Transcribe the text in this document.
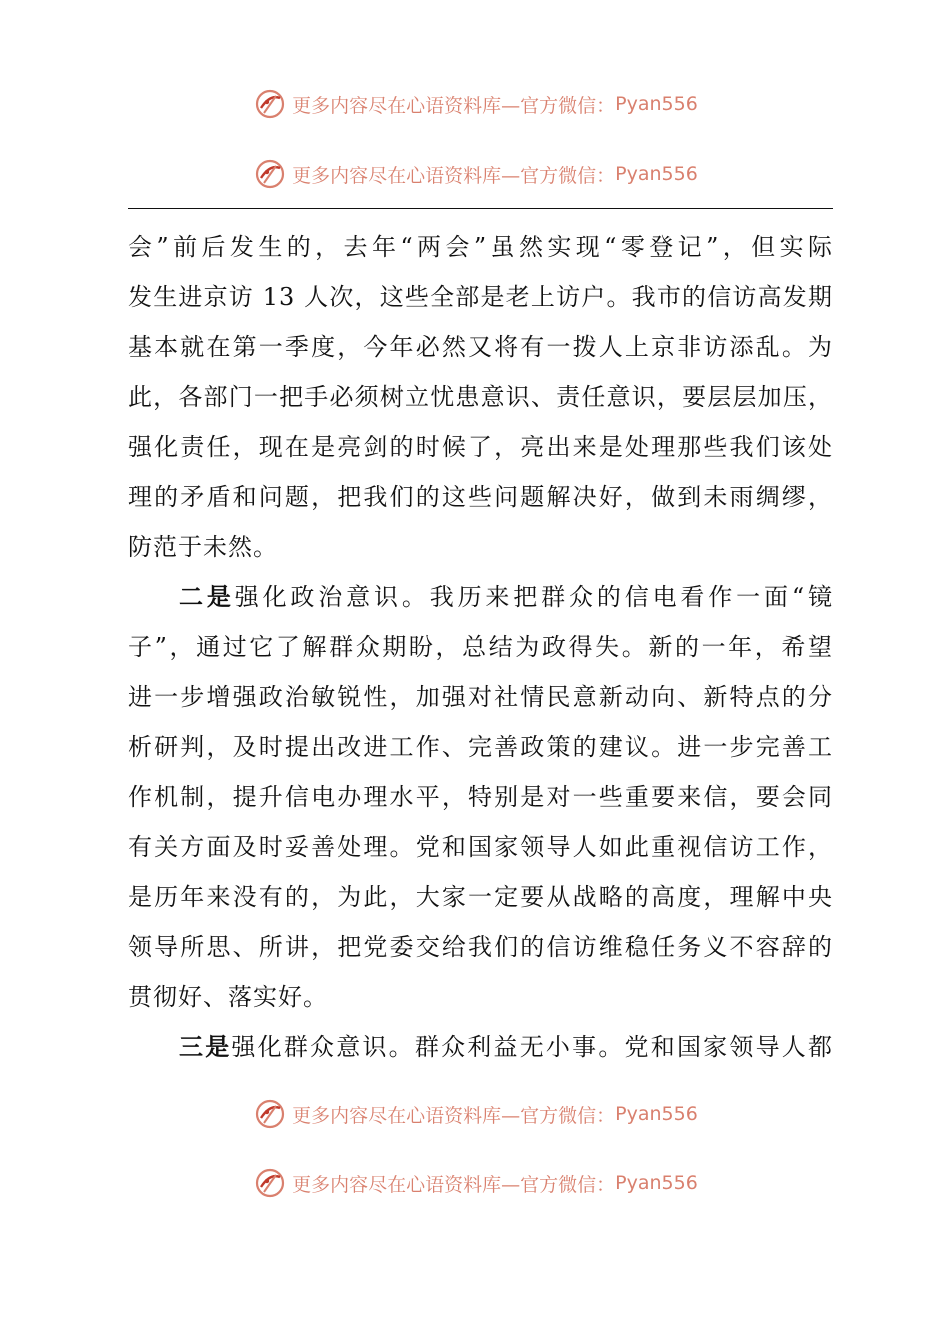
更多内容尽在心语资料库—官方微信： Pyan556
更多内容尽在心语资料库—官方微信： Pyan556
会”前后发生的，去年“两会”虽然实现“零登记”，但实际
发生进京访 13 人次，这些全部是老上访户。我市的信访高发期
基本就在第一季度，今年必然又将有一拨人上京非访添乱。为
此，各部门一把手必须树立忧患意识、责任意识，要层层加压，
强化责任，现在是亮剑的时候了，亮出来是处理那些我们该处
理的矛盾和问题，把我们的这些问题解决好，做到未雨绸缪，
防范于未然。
二是强化政治意识。我历来把群众的信电看作一面“镜
子”，通过它了解群众期盼，总结为政得失。新的一年，希望
进一步增强政治敏锐性，加强对社情民意新动向、新特点的分
析研判，及时提出改进工作、完善政策的建议。进一步完善工
作机制，提升信电办理水平，特别是对一些重要来信，要会同
有关方面及时妥善处理。党和国家领导人如此重视信访工作，
是历年来没有的，为此，大家一定要从战略的高度，理解中央
领导所思、所讲，把党委交给我们的信访维稳任务义不容辞的
贯彻好、落实好。
三是强化群众意识。群众利益无小事。党和国家领导人都
更多内容尽在心语资料库—官方微信： Pyan556
更多内容尽在心语资料库—官方微信： Pyan556
